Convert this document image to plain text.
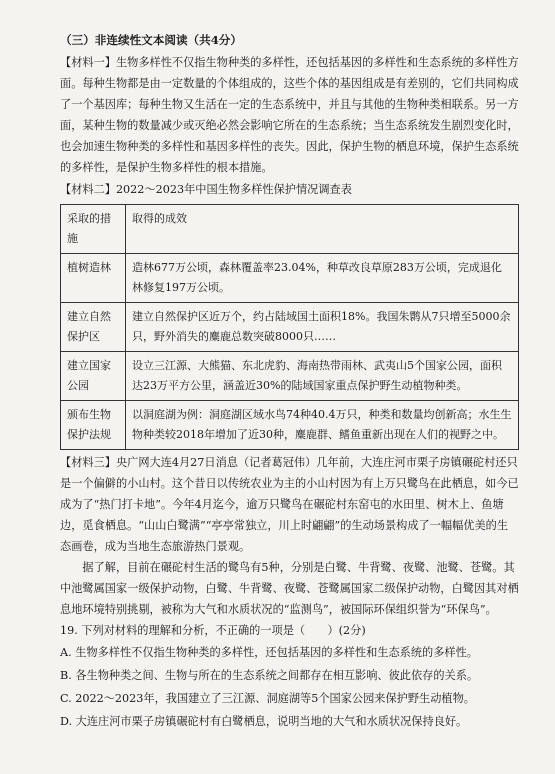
（三）非连续性文本阅读（共4分）

【材料一】生物多样性不仅指生物种类的多样性，还包括基因的多样性和生态系统的多样性方面。每种生物都是由一定数量的个体组成的，这些个体的基因组成是有差别的，它们共同构成了一个基因库；每种生物又生活在一定的生态系统中，并且与其他的生物种类相联系。另一方面，某种生物的数量减少或灭绝必然会影响它所在的生态系统；当生态系统发生剧烈变化时，也会加速生物种类的多样性和基因多样性的丧失。因此，保护生物的栖息环境，保护生态系统的多样性，是保护生物多样性的根本措施。

【材料二】2022～2023年中国生物多样性保护情况调查表

采取的措施	取得的成效
植树造林	造林677万公顷，森林覆盖率23.04%，种草改良草原283万公顷，完成退化林修复197万公顷。
建立自然保护区	建立自然保护区近万个，约占陆域国土面积18%。我国朱鹮从7只增至5000余只，野外消失的麋鹿总数突破8000只……
建立国家公园	设立三江源、大熊猫、东北虎豹、海南热带雨林、武夷山5个国家公园，面积达23万平方公里，涵盖近30%的陆域国家重点保护野生动植物种类。
颁布生物保护法规	以洞庭湖为例：洞庭湖区域水鸟74种40.4万只，种类和数量均创新高；水生生物种类较2018年增加了近30种，麋鹿群、鳍鱼重新出现在人们的视野之中。

【材料三】央广网大连4月27日消息（记者葛冠伟）几年前，大连庄河市栗子房镇碾砣村还只是一个偏僻的小山村。这个昔日以传统农业为主的小山村因为有上万只鹭鸟在此栖息，如今已成为了“热门打卡地”。今年4月迄今，逾万只鹭鸟在碾砣村东窑屯的水田里、树木上、鱼塘边，觅食栖息。“山山白鹭满”“亭亭常独立，川上时翩翩”的生动场景构成了一幅幅优美的生态画卷，成为当地生态旅游热门景观。

据了解，目前在碾砣村生活的鹭鸟有5种，分别是白鹭、牛背鹭、夜鹭、池鹭、苍鹭。其中池鹭属国家一级保护动物，白鹭、牛背鹭、夜鹭、苍鹭属国家二级保护动物，白鹭因其对栖息地环境特别挑剔，被称为大气和水质状况的“监测鸟”，被国际环保组织誉为“环保鸟”。

19. 下列对材料的理解和分析，不正确的一项是（　　）(2分)

A. 生物多样性不仅指生物种类的多样性，还包括基因的多样性和生态系统的多样性。

B. 各生物种类之间、生物与所在的生态系统之间都存在相互影响、彼此依存的关系。

C. 2022～2023年，我国建立了三江源、洞庭湖等5个国家公园来保护野生动植物。

D. 大连庄河市栗子房镇碾砣村有白鹭栖息，说明当地的大气和水质状况保持良好。
